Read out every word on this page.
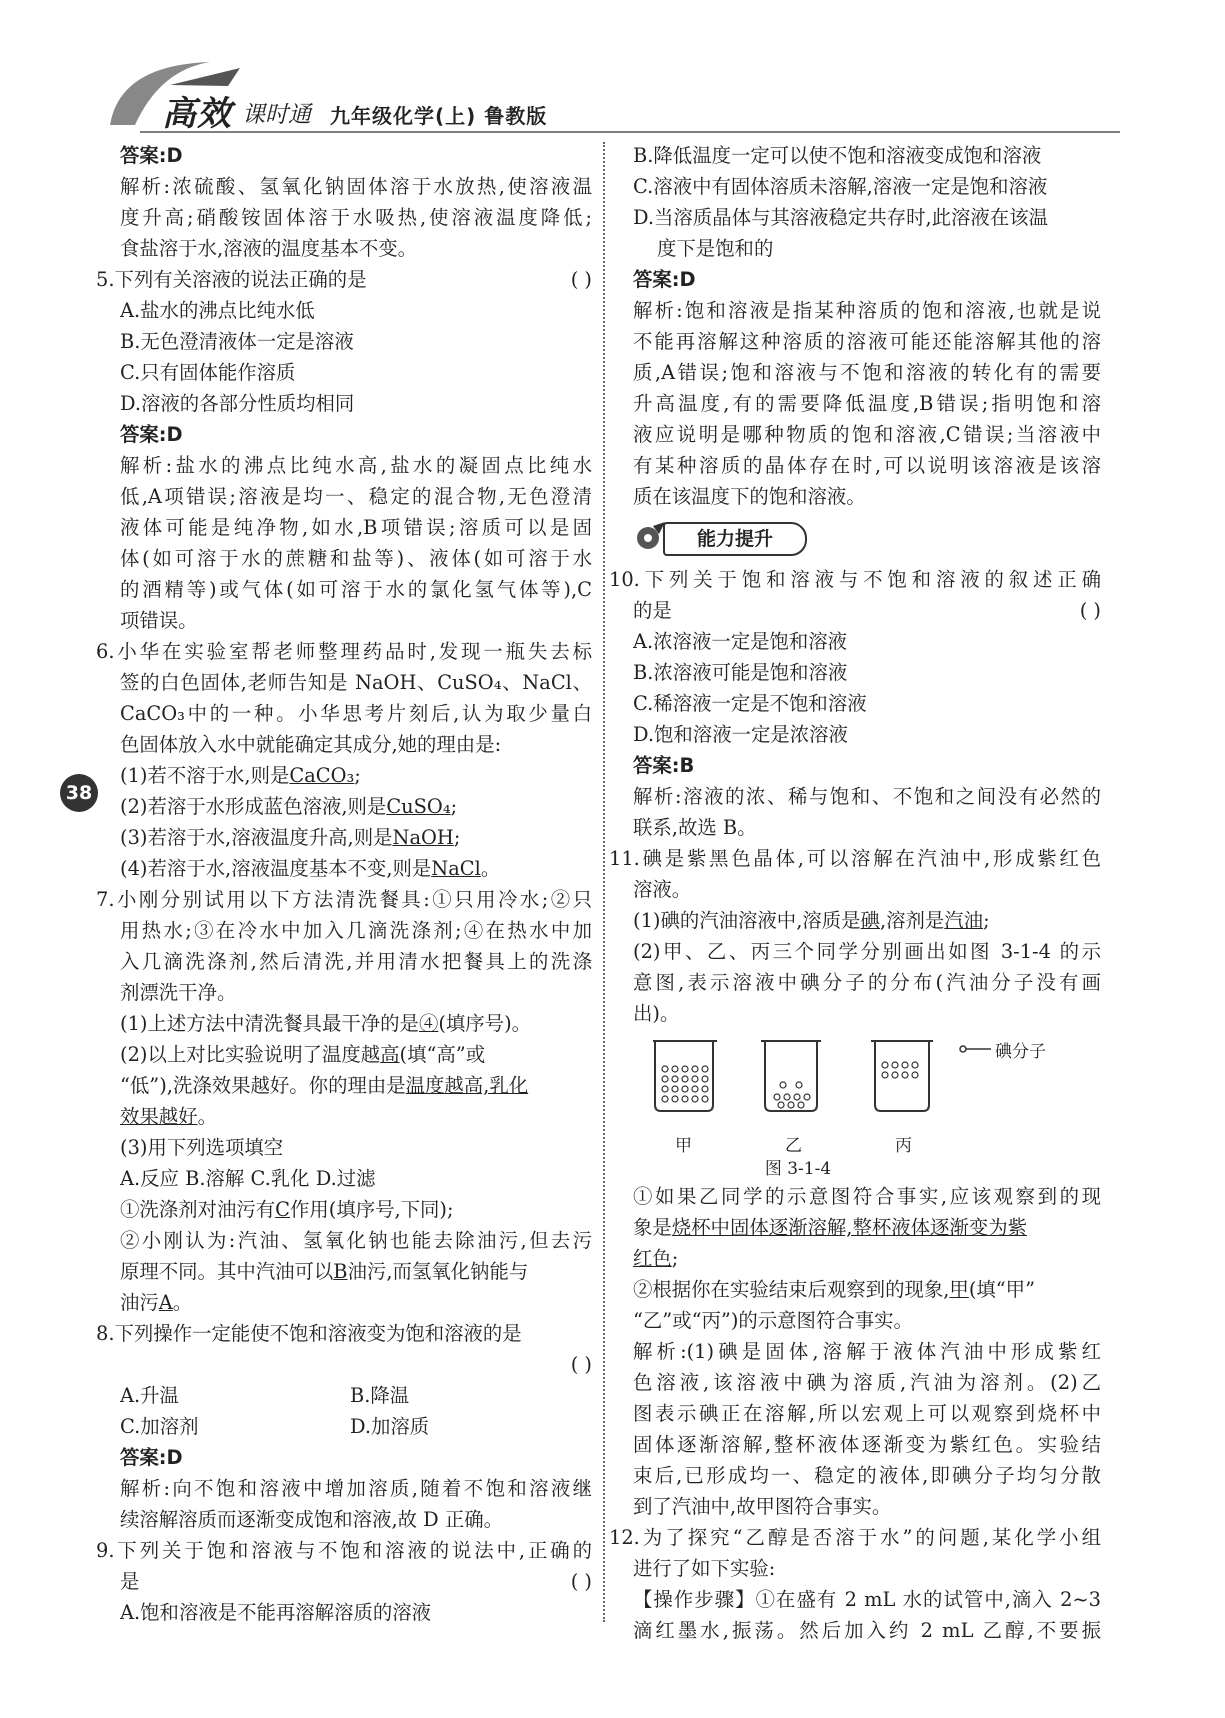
高效 课时通 九年级化学(上) 鲁教版
38
答案:D
解析:浓硫酸、氢氧化钠固体溶于水放热,使溶液温
度升高;硝酸铵固体溶于水吸热,使溶液温度降低;
食盐溶于水,溶液的温度基本不变。
5.下列有关溶液的说法正确的是	( )
A.盐水的沸点比纯水低
B.无色澄清液体一定是溶液
C.只有固体能作溶质
D.溶液的各部分性质均相同
答案:D
解析:盐水的沸点比纯水高,盐水的凝固点比纯水
低,A项错误;溶液是均一、稳定的混合物,无色澄清
液体可能是纯净物,如水,B项错误;溶质可以是固
体(如可溶于水的蔗糖和盐等)、液体(如可溶于水
的酒精等)或气体(如可溶于水的氯化氢气体等),C
项错误。
6.小华在实验室帮老师整理药品时,发现一瓶失去标
签的白色固体,老师告知是 NaOH、CuSO₄、NaCl、
CaCO₃中的一种。小华思考片刻后,认为取少量白
色固体放入水中就能确定其成分,她的理由是:
(1)若不溶于水,则是CaCO₃;
(2)若溶于水形成蓝色溶液,则是CuSO₄;
(3)若溶于水,溶液温度升高,则是NaOH;
(4)若溶于水,溶液温度基本不变,则是NaCl。
7.小刚分别试用以下方法清洗餐具:①只用冷水;②只
用热水;③在冷水中加入几滴洗涤剂;④在热水中加
入几滴洗涤剂,然后清洗,并用清水把餐具上的洗涤
剂漂洗干净。
(1)上述方法中清洗餐具最干净的是④(填序号)。
(2)以上对比实验说明了温度越高(填“高”或
“低”),洗涤效果越好。你的理由是温度越高,乳化
效果越好。
(3)用下列选项填空
A.反应 B.溶解 C.乳化 D.过滤
①洗涤剂对油污有C作用(填序号,下同);
②小刚认为:汽油、氢氧化钠也能去除油污,但去污
原理不同。其中汽油可以B油污,而氢氧化钠能与
油污A。
8.下列操作一定能使不饱和溶液变为饱和溶液的是
( )

A.升温	B.降温
C.加溶剂	D.加溶质
答案:D
解析:向不饱和溶液中增加溶质,随着不饱和溶液继
续溶解溶质而逐渐变成饱和溶液,故 D 正确。
9.下列关于饱和溶液与不饱和溶液的说法中,正确的
是	( )
A.饱和溶液是不能再溶解溶质的溶液
B.降低温度一定可以使不饱和溶液变成饱和溶液
C.溶液中有固体溶质未溶解,溶液一定是饱和溶液
D.当溶质晶体与其溶液稳定共存时,此溶液在该温
度下是饱和的
答案:D
解析:饱和溶液是指某种溶质的饱和溶液,也就是说
不能再溶解这种溶质的溶液可能还能溶解其他的溶
质,A错误;饱和溶液与不饱和溶液的转化有的需要
升高温度,有的需要降低温度,B错误;指明饱和溶
液应说明是哪种物质的饱和溶液,C错误;当溶液中
有某种溶质的晶体存在时,可以说明该溶液是该溶
质在该温度下的饱和溶液。
能力提升
10.下列关于饱和溶液与不饱和溶液的叙述正确
的是	( )
A.浓溶液一定是饱和溶液
B.浓溶液可能是饱和溶液
C.稀溶液一定是不饱和溶液
D.饱和溶液一定是浓溶液
答案:B
解析:溶液的浓、稀与饱和、不饱和之间没有必然的
联系,故选 B。
11.碘是紫黑色晶体,可以溶解在汽油中,形成紫红色
溶液。
(1)碘的汽油溶液中,溶质是碘,溶剂是汽油;
(2)甲、乙、丙三个同学分别画出如图 3-1-4 的示
意图,表示溶液中碘分子的分布(汽油分子没有画
出)。
碘分子
甲	乙	丙
图 3-1-4
①如果乙同学的示意图符合事实,应该观察到的现
象是烧杯中固体逐渐溶解,整杯液体逐渐变为紫
红色;
②根据你在实验结束后观察到的现象,甲(填“甲”
“乙”或“丙”)的示意图符合事实。
解析:(1)碘是固体,溶解于液体汽油中形成紫红
色溶液,该溶液中碘为溶质,汽油为溶剂。(2)乙
图表示碘正在溶解,所以宏观上可以观察到烧杯中
固体逐渐溶解,整杯液体逐渐变为紫红色。实验结
束后,已形成均一、稳定的液体,即碘分子均匀分散
到了汽油中,故甲图符合事实。
12.为了探究“乙醇是否溶于水”的问题,某化学小组
进行了如下实验:
【操作步骤】①在盛有 2 mL 水的试管中,滴入 2~3
滴红墨水,振荡。然后加入约 2 mL 乙醇,不要振
